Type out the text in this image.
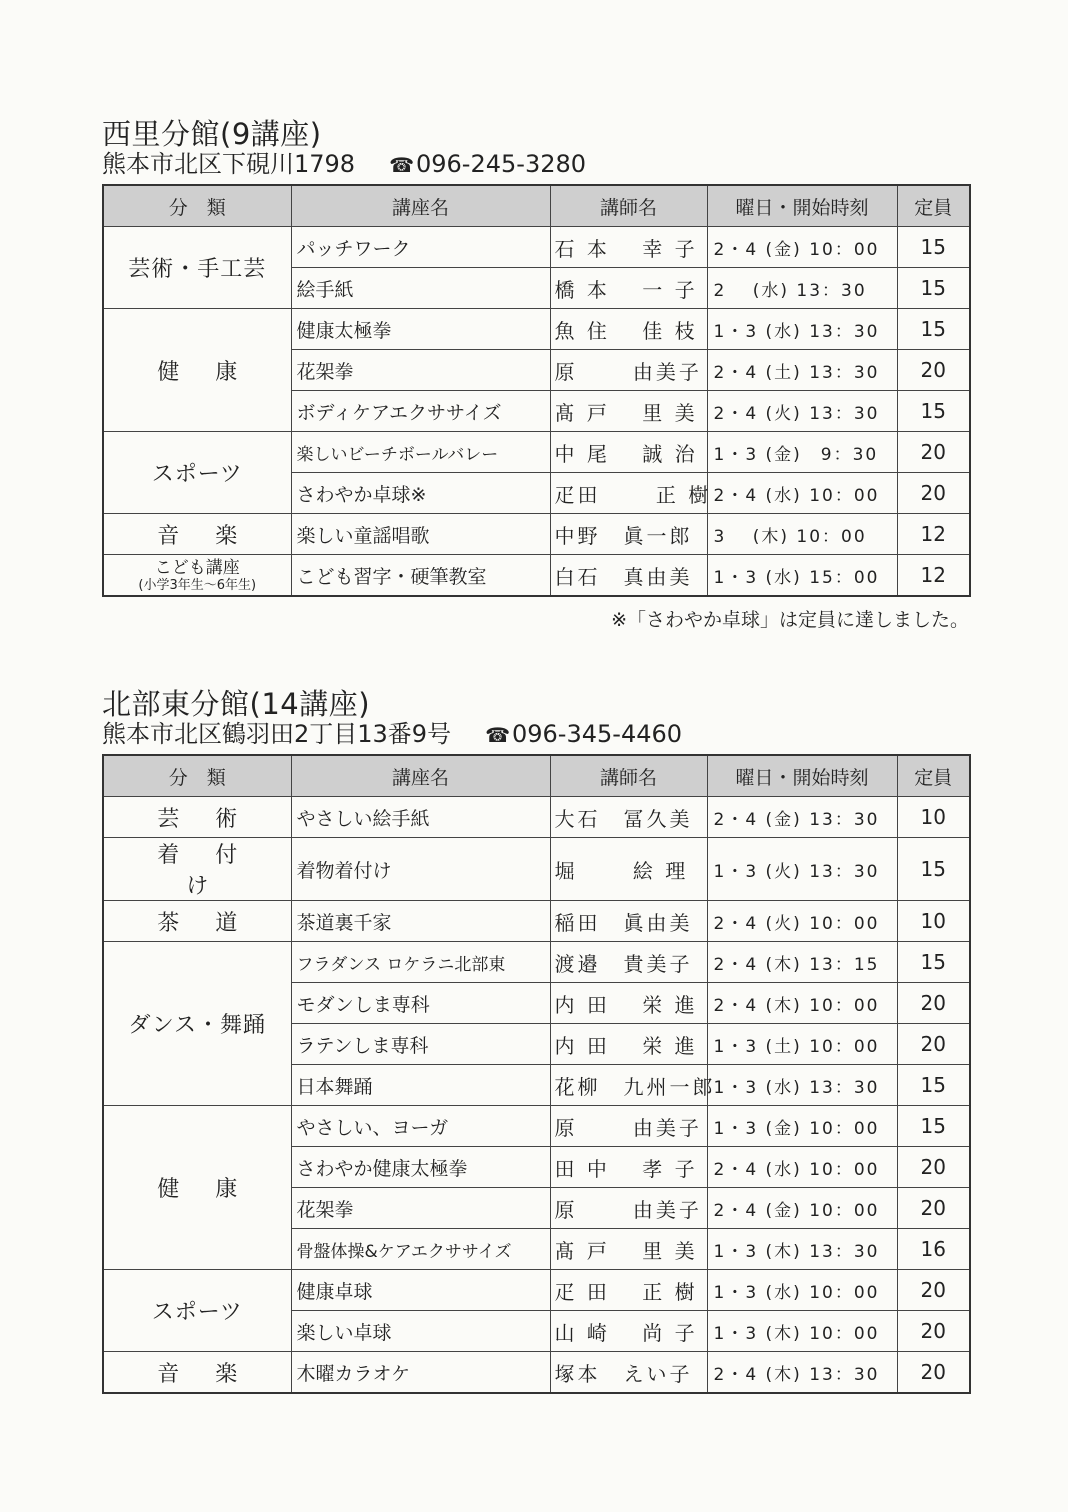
西里分館(9講座)
熊本市北区下硯川1798 ☎096-245-3280
分　類	講座名	講師名	曜日・開始時刻	定員
芸術・手工芸	パッチワーク	石 本　 幸 子	2・4 (金) 10：00	15
	絵手紙	橋 本　 一 子	2　 (水) 13：30	15
健康	健康太極拳	魚 住　 佳 枝	1・3 (水) 13：30	15
	花架拳	原　　 由美子	2・4 (土) 13：30	20
	ボディケアエクササイズ	髙 戸　 里 美	2・4 (火) 13：30	15
スポーツ	楽しいビーチボールバレー	中 尾　 誠 治	1・3 (金)　9：30	20
	さわやか卓球※	疋田　　 正 樹	2・4 (水) 10：00	20
音楽	楽しい童謡唱歌	中野　眞一郎	3　 (木) 10：00	12

こども講座
(小学3年生～6年生)	こども習字・硬筆教室	白石　真由美	1・3 (水) 15：00	12
※「さわやか卓球」は定員に達しました。
北部東分館(14講座)
熊本市北区鶴羽田2丁目13番9号 ☎096-345-4460
分　類	講座名	講師名	曜日・開始時刻	定員
芸術	やさしい絵手紙	大石　冨久美	2・4 (金) 13：30	10
着付け	着物着付け	堀　　 絵 理	1・3 (火) 13：30	15
茶道	茶道裏千家	稲田　眞由美	2・4 (火) 10：00	10
ダンス・舞踊	フラダンス ロケラニ北部東	渡邉　貴美子	2・4 (木) 13：15	15
	モダンしま専科	内 田　 栄 進	2・4 (木) 10：00	20
	ラテンしま専科	内 田　 栄 進	1・3 (土) 10：00	20
	日本舞踊	花柳　九州一郎	1・3 (水) 13：30	15
健康	やさしい、ヨーガ	原　　 由美子	1・3 (金) 10：00	15
	さわやか健康太極拳	田 中　 孝 子	2・4 (水) 10：00	20
	花架拳	原　　 由美子	2・4 (金) 10：00	20
	骨盤体操&ケアエクササイズ	髙 戸　 里 美	1・3 (木) 13：30	16
スポーツ	健康卓球	疋 田　 正 樹	1・3 (水) 10：00	20
	楽しい卓球	山 崎　 尚 子	1・3 (木) 10：00	20
音楽	木曜カラオケ	塚本　えい子	2・4 (木) 13：30	20
